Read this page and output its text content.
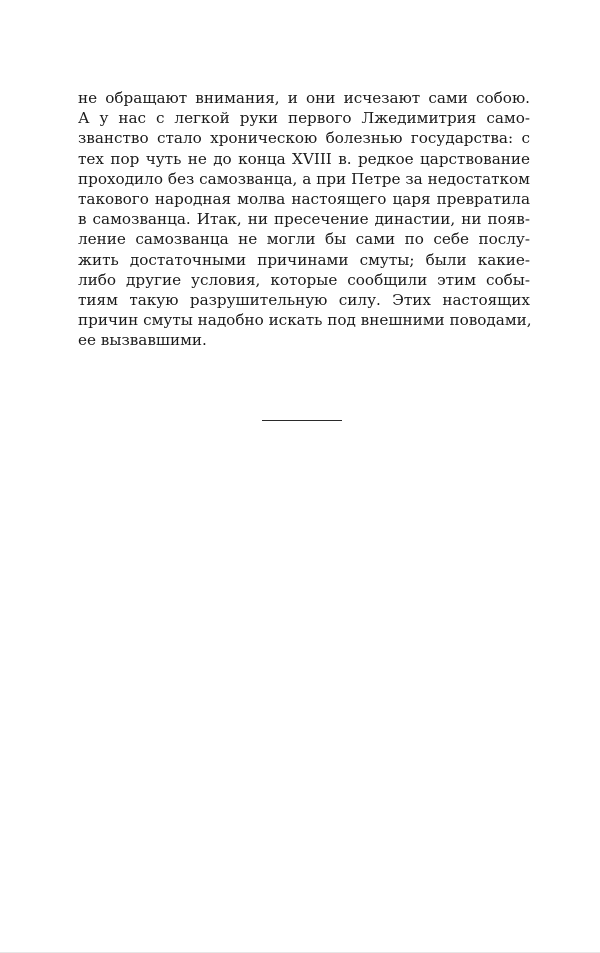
не обращают внимания, и они исчезают сами собою.
А у нас с легкой руки первого Лжедимитрия само-
званство стало хроническою болезнью государства: с
тех пор чуть не до конца XVIII в. редкое царствование
проходило без самозванца, а при Петре за недостатком
такового народная молва настоящего царя превратила
в самозванца. Итак, ни пресечение династии, ни появ-
ление самозванца не могли бы сами по себе послу-
жить достаточными причинами смуты; были какие-
либо другие условия, которые сообщили этим собы-
тиям такую разрушительную силу. Этих настоящих
причин смуты надобно искать под внешними поводами,
ее вызвавшими.
